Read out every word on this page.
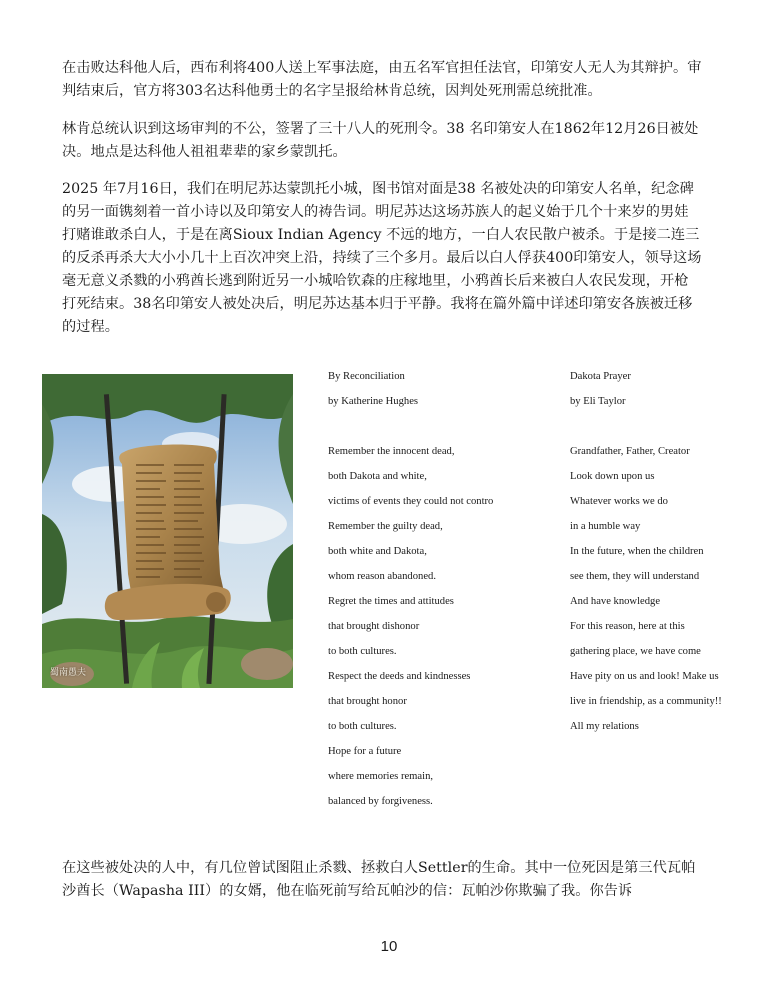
在击败达科他人后，西布利将400人送上军事法庭，由五名军官担任法官，印第安人无人为其辩护。审判结束后，官方将303名达科他勇士的名字呈报给林肯总统，因判处死刑需总统批准。

林肯总统认识到这场审判的不公，签署了三十八人的死刑令。38 名印第安人在1862年12月26日被处决。地点是达科他人祖祖辈辈的家乡蒙凯托。

2025 年7月16日，我们在明尼苏达蒙凯托小城，图书馆对面是38 名被处决的印第安人名单，纪念碑的另一面镌刻着一首小诗以及印第安人的祷告词。明尼苏达这场苏族人的起义始于几个十来岁的男娃打赌谁敢杀白人，于是在离Sioux Indian Agency 不远的地方，一白人农民散户被杀。于是接二连三的反杀再杀大大小小几十上百次冲突上沿，持续了三个多月。最后以白人俘获400印第安人，领导这场毫无意义杀戮的小鸦酋长逃到附近另一小城哈钦森的庄稼地里，小鸦酋长后来被白人农民发现，开枪打死结束。38名印第安人被处决后，明尼苏达基本归于平静。我将在篇外篇中详述印第安各族被迁移的过程。

蜀南愚夫
By Reconciliation
by Katherine Hughes
Remember the innocent dead,
both Dakota and white,
victims of events they could not contro
Remember the guilty dead,
both white and Dakota,
whom reason abandoned.
Regret the times and attitudes
that brought dishonor
to both cultures.
Respect the deeds and kindnesses
that brought honor
to both cultures.
Hope for a future
where memories remain,
balanced by forgiveness.
Dakota Prayer
by Eli Taylor
Grandfather, Father, Creator
Look down upon us
Whatever works we do
in a humble way
In the future, when the children
see them, they will understand
And have knowledge
For this reason, here at this
gathering place, we have come
Have pity on us and look! Make us
live in friendship, as a community!!
All my relations

在这些被处决的人中，有几位曾试图阻止杀戮、拯救白人Settler的生命。其中一位死因是第三代瓦帕沙酋长（Wapasha III）的女婿，他在临死前写给瓦帕沙的信：瓦帕沙你欺骗了我。你告诉

10
